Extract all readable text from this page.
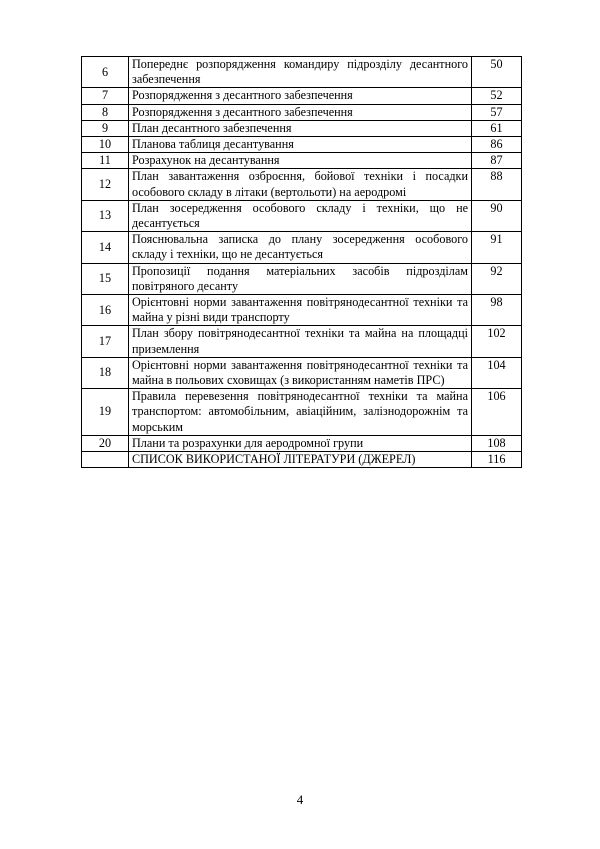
6	Попереднє розпорядження командиру підрозділу десантного забезпечення	50
7	Розпорядження з десантного забезпечення	52
8	Розпорядження з десантного забезпечення	57
9	План десантного забезпечення	61
10	Планова таблиця десантування	86
11	Розрахунок на десантування	87
12	План завантаження озброєння, бойової техніки і посадки особового складу в літаки (вертольоти) на аеродромі	88
13	План зосередження особового складу і техніки, що не десантується	90
14	Пояснювальна записка до плану зосередження особового складу і техніки, що не десантується	91
15	Пропозиції подання матеріальних засобів підрозділам повітряного десанту	92
16	Орієнтовні норми завантаження повітрянодесантної техніки та майна у різні види транспорту	98
17	План збору повітрянодесантної техніки та майна на площадці приземлення	102
18	Орієнтовні норми завантаження повітрянодесантної техніки та майна в польових сховищах (з використанням наметів ПРС)	104
19	Правила перевезення повітрянодесантної техніки та майна транспортом: автомобільним, авіаційним, залізнодорожнім та морським	106
20	Плани та розрахунки для аеродромної групи	108
	СПИСОК ВИКОРИСТАНОЇ ЛІТЕРАТУРИ (ДЖЕРЕЛ)	116
4
